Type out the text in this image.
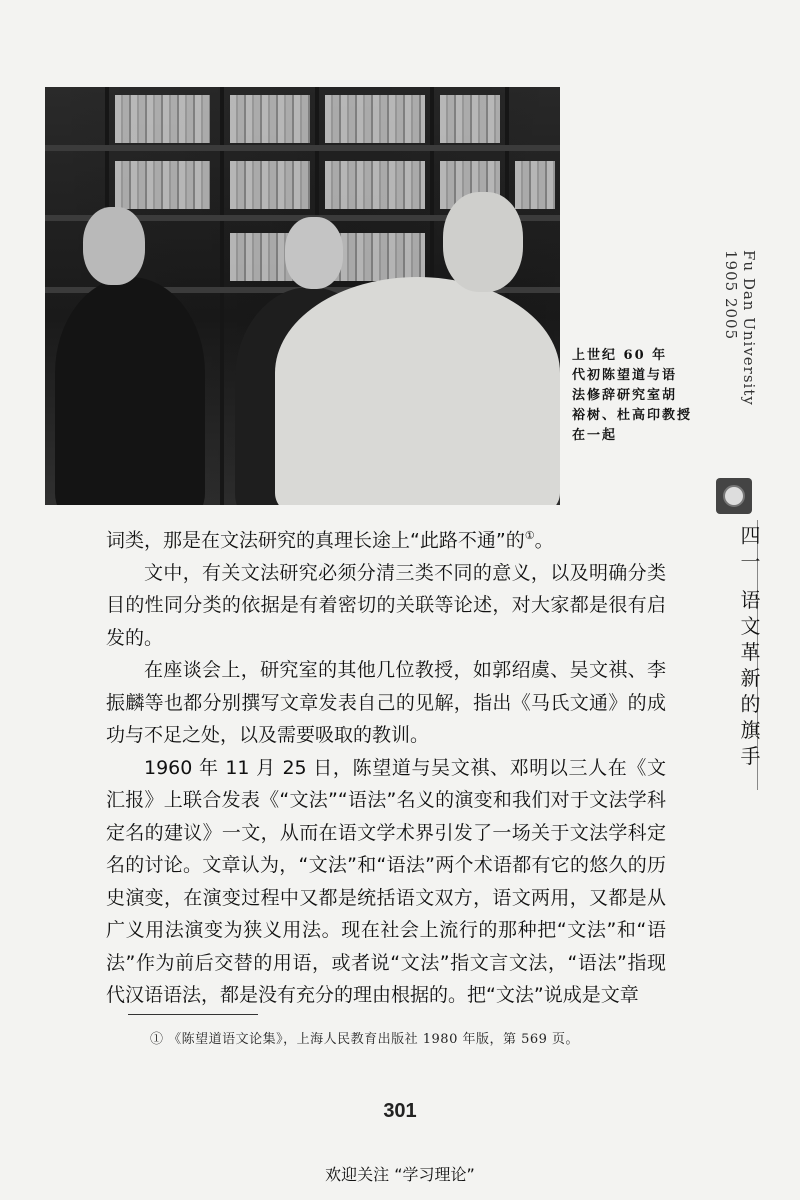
上世纪 60 年
代初陈望道与语
法修辞研究室胡
裕树、杜高印教授
在一起
Fu Dan University 1905 2005
四一 语文革新的旗手

词类，那是在文法研究的真理长途上“此路不通”的①。

文中，有关文法研究必须分清三类不同的意义，以及明确分类目的性同分类的依据是有着密切的关联等论述，对大家都是很有启发的。

在座谈会上，研究室的其他几位教授，如郭绍虞、吴文祺、李振麟等也都分别撰写文章发表自己的见解，指出《马氏文通》的成功与不足之处，以及需要吸取的教训。

1960 年 11 月 25 日，陈望道与吴文祺、邓明以三人在《文汇报》上联合发表《“文法”“语法”名义的演变和我们对于文法学科定名的建议》一文，从而在语文学术界引发了一场关于文法学科定名的讨论。文章认为，“文法”和“语法”两个术语都有它的悠久的历史演变，在演变过程中又都是统括语文双方，语文两用，又都是从广义用法演变为狭义用法。现在社会上流行的那种把“文法”和“语法”作为前后交替的用语，或者说“文法”指文言文法，“语法”指现代汉语语法，都是没有充分的理由根据的。把“文法”说成是文章

① 《陈望道语文论集》，上海人民教育出版社 1980 年版，第 569 页。
301
欢迎关注 “学习理论”
